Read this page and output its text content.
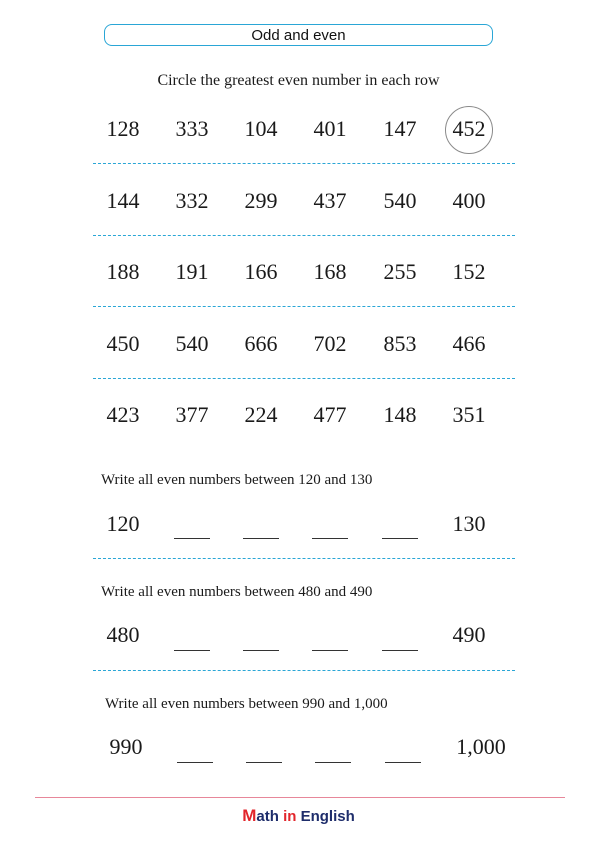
Odd and even
Circle the greatest even number in each row
128	333	104	401	147	452
144	332	299	437	540	400
188	191	166	168	255	152
450	540	666	702	853	466
423	377	224	477	148	351
Write all even numbers between 120 and 130
120	130
Write all even numbers between 480 and 490
480	490
Write all even numbers between 990 and 1,000
990	1,000
Math in English
